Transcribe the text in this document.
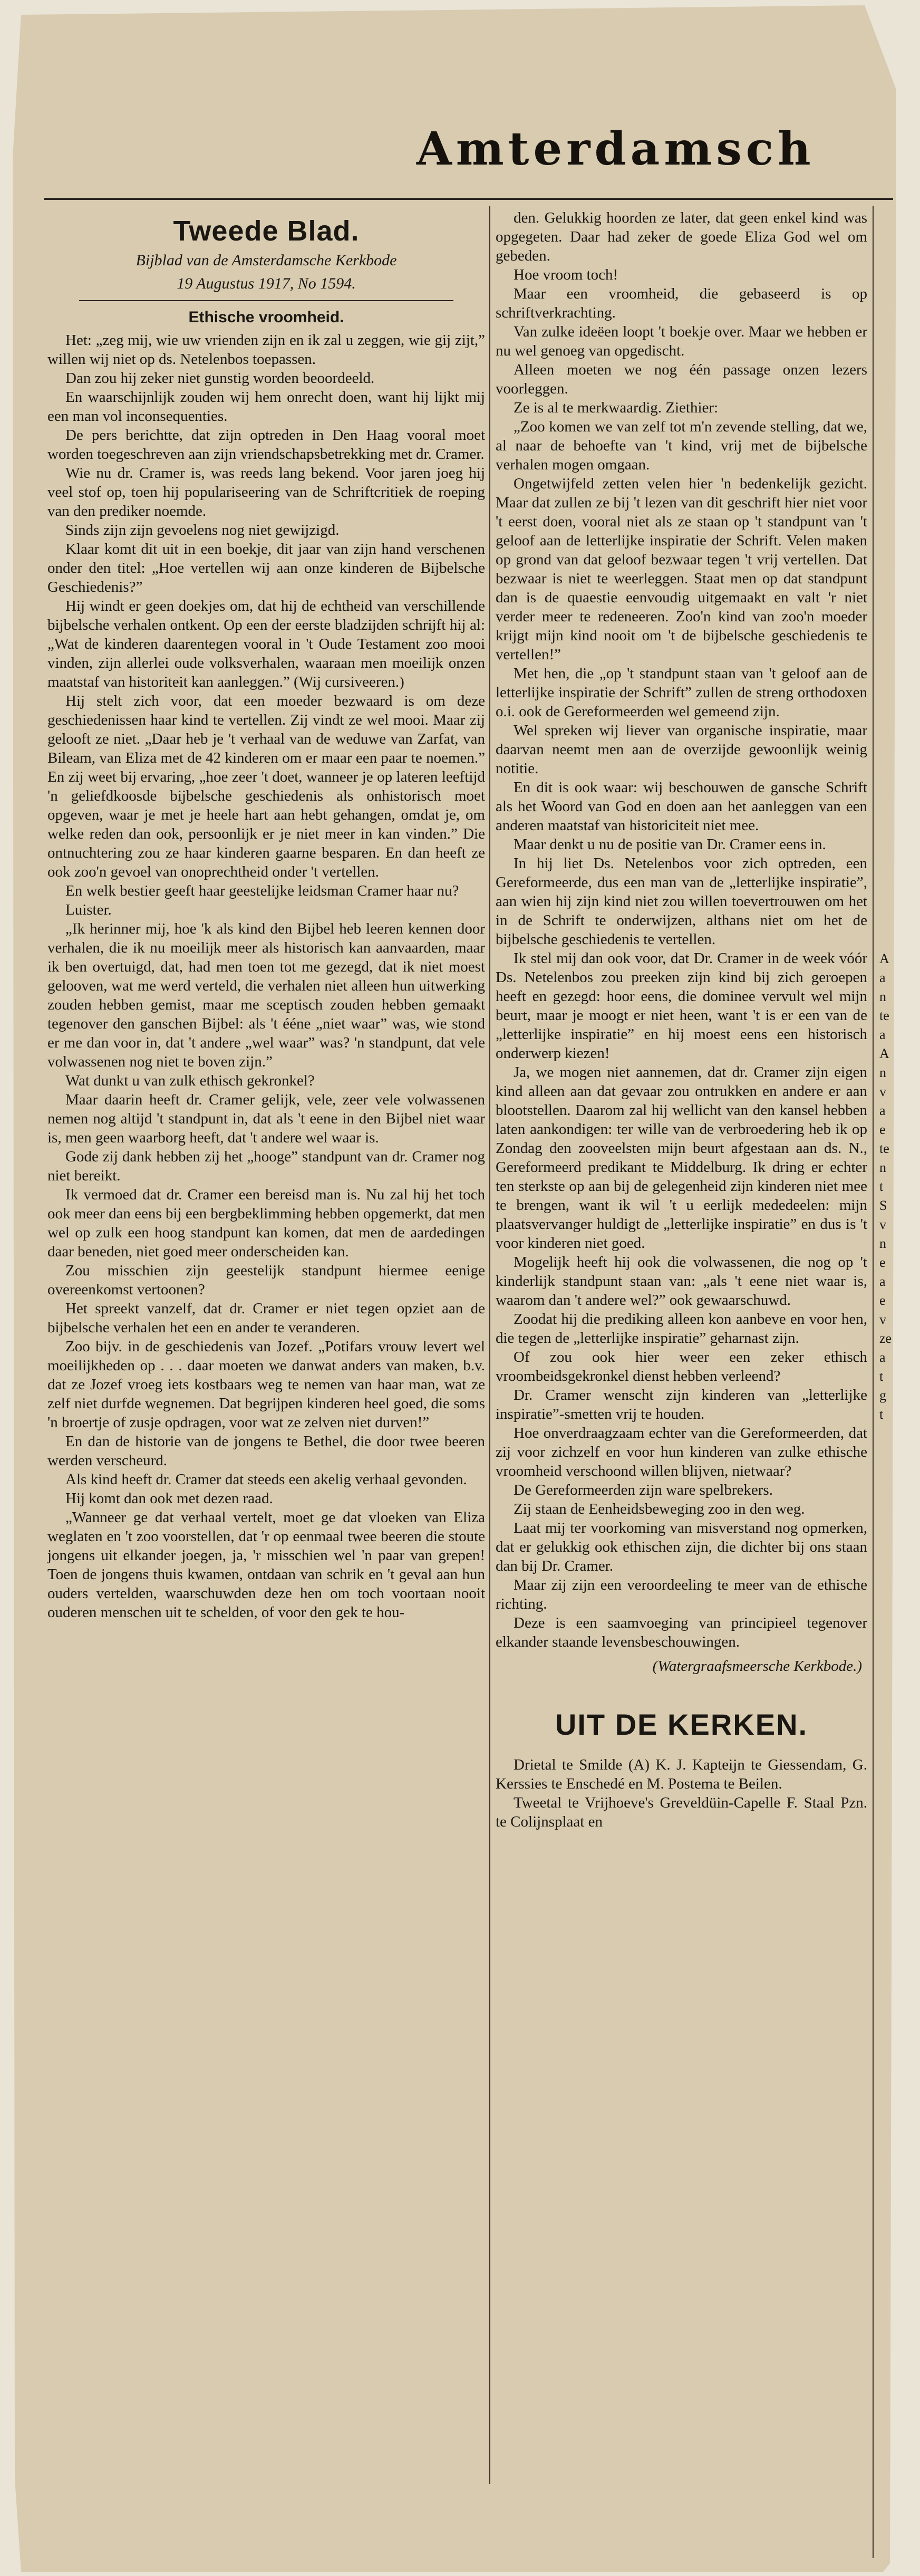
Amterdamsch
Tweede Blad.
Bijblad van de Amsterdamsche Kerkbode
19 Augustus 1917, No 1594.
Ethische vroomheid.

Het: „zeg mij, wie uw vrienden zijn en ik zal u zeggen, wie gij zijt,” willen wij niet op ds. Netelenbos toepassen.

Dan zou hij zeker niet gunstig worden beoordeeld.

En waarschijnlijk zouden wij hem onrecht doen, want hij lijkt mij een man vol inconsequenties.

De pers berichtte, dat zijn optreden in Den Haag vooral moet worden toegeschreven aan zijn vriendschapsbetrekking met dr. Cramer.

Wie nu dr. Cramer is, was reeds lang bekend. Voor jaren joeg hij veel stof op, toen hij populariseering van de Schriftcritiek de roeping van den prediker noemde.

Sinds zijn zijn gevoelens nog niet gewijzigd.

Klaar komt dit uit in een boekje, dit jaar van zijn hand verschenen onder den titel: „Hoe vertellen wij aan onze kinderen de Bijbelsche Geschiedenis?”

Hij windt er geen doekjes om, dat hij de echtheid van verschillende bijbelsche verhalen ontkent. Op een der eerste bladzijden schrijft hij al: „Wat de kinderen daarentegen vooral in 't Oude Testament zoo mooi vinden, zijn allerlei oude volksverhalen, waaraan men moeilijk onzen maatstaf van historiteit kan aanleggen.” (Wij cursiveeren.)

Hij stelt zich voor, dat een moeder bezwaard is om deze geschiedenissen haar kind te vertellen. Zij vindt ze wel mooi. Maar zij gelooft ze niet. „Daar heb je 't verhaal van de weduwe van Zarfat, van Bileam, van Eliza met de 42 kinderen om er maar een paar te noemen.” En zij weet bij ervaring, „hoe zeer 't doet, wanneer je op lateren leeftijd 'n geliefdkoosde bijbelsche geschiedenis als onhistorisch moet opgeven, waar je met je heele hart aan hebt gehangen, omdat je, om welke reden dan ook, persoonlijk er je niet meer in kan vinden.” Die ontnuchtering zou ze haar kinderen gaarne besparen. En dan heeft ze ook zoo'n gevoel van onoprechtheid onder 't vertellen.

En welk bestier geeft haar geestelijke leidsman Cramer haar nu?

Luister.

„Ik herinner mij, hoe 'k als kind den Bijbel heb leeren kennen door verhalen, die ik nu moeilijk meer als historisch kan aanvaarden, maar ik ben overtuigd, dat, had men toen tot me gezegd, dat ik niet moest gelooven, wat me werd verteld, die verhalen niet alleen hun uitwerking zouden hebben gemist, maar me sceptisch zouden hebben gemaakt tegenover den ganschen Bijbel: als 't ééne „niet waar” was, wie stond er me dan voor in, dat 't andere „wel waar” was? 'n standpunt, dat vele volwassenen nog niet te boven zijn.”

Wat dunkt u van zulk ethisch gekronkel?

Maar daarin heeft dr. Cramer gelijk, vele, zeer vele volwassenen nemen nog altijd 't standpunt in, dat als 't eene in den Bijbel niet waar is, men geen waarborg heeft, dat 't andere wel waar is.

Gode zij dank hebben zij het „hooge” standpunt van dr. Cramer nog niet bereikt.

Ik vermoed dat dr. Cramer een bereisd man is. Nu zal hij het toch ook meer dan eens bij een bergbeklimming hebben opgemerkt, dat men wel op zulk een hoog standpunt kan komen, dat men de aardedingen daar beneden, niet goed meer onderscheiden kan.

Zou misschien zijn geestelijk standpunt hiermee eenige overeenkomst vertoonen?

Het spreekt vanzelf, dat dr. Cramer er niet tegen opziet aan de bijbelsche verhalen het een en ander te veranderen.

Zoo bijv. in de geschiedenis van Jozef. „Potifars vrouw levert wel moeilijkheden op . . . daar moeten we danwat anders van maken, b.v. dat ze Jozef vroeg iets kostbaars weg te nemen van haar man, wat ze zelf niet durfde wegnemen. Dat begrijpen kinderen heel goed, die soms 'n broertje of zusje opdragen, voor wat ze zelven niet durven!”

En dan de historie van de jongens te Bethel, die door twee beeren werden verscheurd.

Als kind heeft dr. Cramer dat steeds een akelig verhaal gevonden.

Hij komt dan ook met dezen raad.

„Wanneer ge dat verhaal vertelt, moet ge dat vloeken van Eliza weglaten en 't zoo voorstellen, dat 'r op eenmaal twee beeren die stoute jongens uit elkander joegen, ja, 'r misschien wel 'n paar van grepen! Toen de jongens thuis kwamen, ontdaan van schrik en 't geval aan hun ouders vertelden, waarschuwden deze hen om toch voortaan nooit ouderen menschen uit te schelden, of voor den gek te hou-

den. Gelukkig hoorden ze later, dat geen enkel kind was opgegeten. Daar had zeker de goede Eliza God wel om gebeden.

Hoe vroom toch!

Maar een vroomheid, die gebaseerd is op schriftverkrachting.

Van zulke ideëen loopt 't boekje over. Maar we hebben er nu wel genoeg van opgedischt.

Alleen moeten we nog één passage onzen lezers voorleggen.

Ze is al te merkwaardig. Ziethier:

„Zoo komen we van zelf tot m'n zevende stelling, dat we, al naar de behoefte van 't kind, vrij met de bijbelsche verhalen mogen omgaan.

Ongetwijfeld zetten velen hier 'n bedenkelijk gezicht. Maar dat zullen ze bij 't lezen van dit geschrift hier niet voor 't eerst doen, vooral niet als ze staan op 't standpunt van 't geloof aan de letterlijke inspiratie der Schrift. Velen maken op grond van dat geloof bezwaar tegen 't vrij vertellen. Dat bezwaar is niet te weerleggen. Staat men op dat standpunt dan is de quaestie eenvoudig uitgemaakt en valt 'r niet verder meer te redeneeren. Zoo'n kind van zoo'n moeder krijgt mijn kind nooit om 't de bijbelsche geschiedenis te vertellen!”

Met hen, die „op 't standpunt staan van 't geloof aan de letterlijke inspiratie der Schrift” zullen de streng orthodoxen o.i. ook de Gereformeerden wel gemeend zijn.

Wel spreken wij liever van organische inspiratie, maar daarvan neemt men aan de overzijde gewoonlijk weinig notitie.

En dit is ook waar: wij beschouwen de gansche Schrift als het Woord van God en doen aan het aanleggen van een anderen maatstaf van historiciteit niet mee.

Maar denkt u nu de positie van Dr. Cramer eens in.

In hij liet Ds. Netelenbos voor zich optreden, een Gereformeerde, dus een man van de „letterlijke inspiratie”, aan wien hij zijn kind niet zou willen toevertrouwen om het in de Schrift te onderwijzen, althans niet om het de bijbelsche geschiedenis te vertellen.

Ik stel mij dan ook voor, dat Dr. Cramer in de week vóór Ds. Netelenbos zou preeken zijn kind bij zich geroepen heeft en gezegd: hoor eens, die dominee vervult wel mijn beurt, maar je moogt er niet heen, want 't is er een van de „letterlijke inspiratie” en hij moest eens een historisch onderwerp kiezen!

Ja, we mogen niet aannemen, dat dr. Cramer zijn eigen kind alleen aan dat gevaar zou ontrukken en andere er aan blootstellen. Daarom zal hij wellicht van den kansel hebben laten aankondigen: ter wille van de verbroedering heb ik op Zondag den zooveelsten mijn beurt afgestaan aan ds. N., Gereformeerd predikant te Middelburg. Ik dring er echter ten sterkste op aan bij de gelegenheid zijn kinderen niet mee te brengen, want ik wil 't u eerlijk mededeelen: mijn plaatsvervanger huldigt de „letterlijke inspiratie” en dus is 't voor kinderen niet goed.

Mogelijk heeft hij ook die volwassenen, die nog op 't kinderlijk standpunt staan van: „als 't eene niet waar is, waarom dan 't andere wel?” ook gewaarschuwd.

Zoodat hij die prediking alleen kon aanbeve en voor hen, die tegen de „letterlijke inspiratie” geharnast zijn.

Of zou ook hier weer een zeker ethisch vroombeidsgekronkel dienst hebben verleend?

Dr. Cramer wenscht zijn kinderen van „letterlijke inspiratie”-smetten vrij te houden.

Hoe onverdraagzaam echter van die Gereformeerden, dat zij voor zichzelf en voor hun kinderen van zulke ethische vroomheid verschoond willen blijven, nietwaar?

De Gereformeerden zijn ware spelbrekers.

Zij staan de Eenheidsbeweging zoo in den weg.

Laat mij ter voorkoming van misverstand nog opmerken, dat er gelukkig ook ethischen zijn, die dichter bij ons staan dan bij Dr. Cramer.

Maar zij zijn een veroordeeling te meer van de ethische richting.

Deze is een saamvoeging van principieel tegenover elkander staande levensbeschouwingen.

(Watergraafsmeersche Kerkbode.)
UIT DE KERKEN.

Drietal te Smilde (A) K. J. Kapteijn te Giessendam, G. Kerssies te Enschedé en M. Postema te Beilen.

Tweetal te Vrijhoeve's Greveldüin-Capelle F. Staal Pzn. te Colijnsplaat en

A
a
n
te
a
A
n
v
a
e
te
n
t
S
v
n
e
a
e
v
ze
a
t
g
t
